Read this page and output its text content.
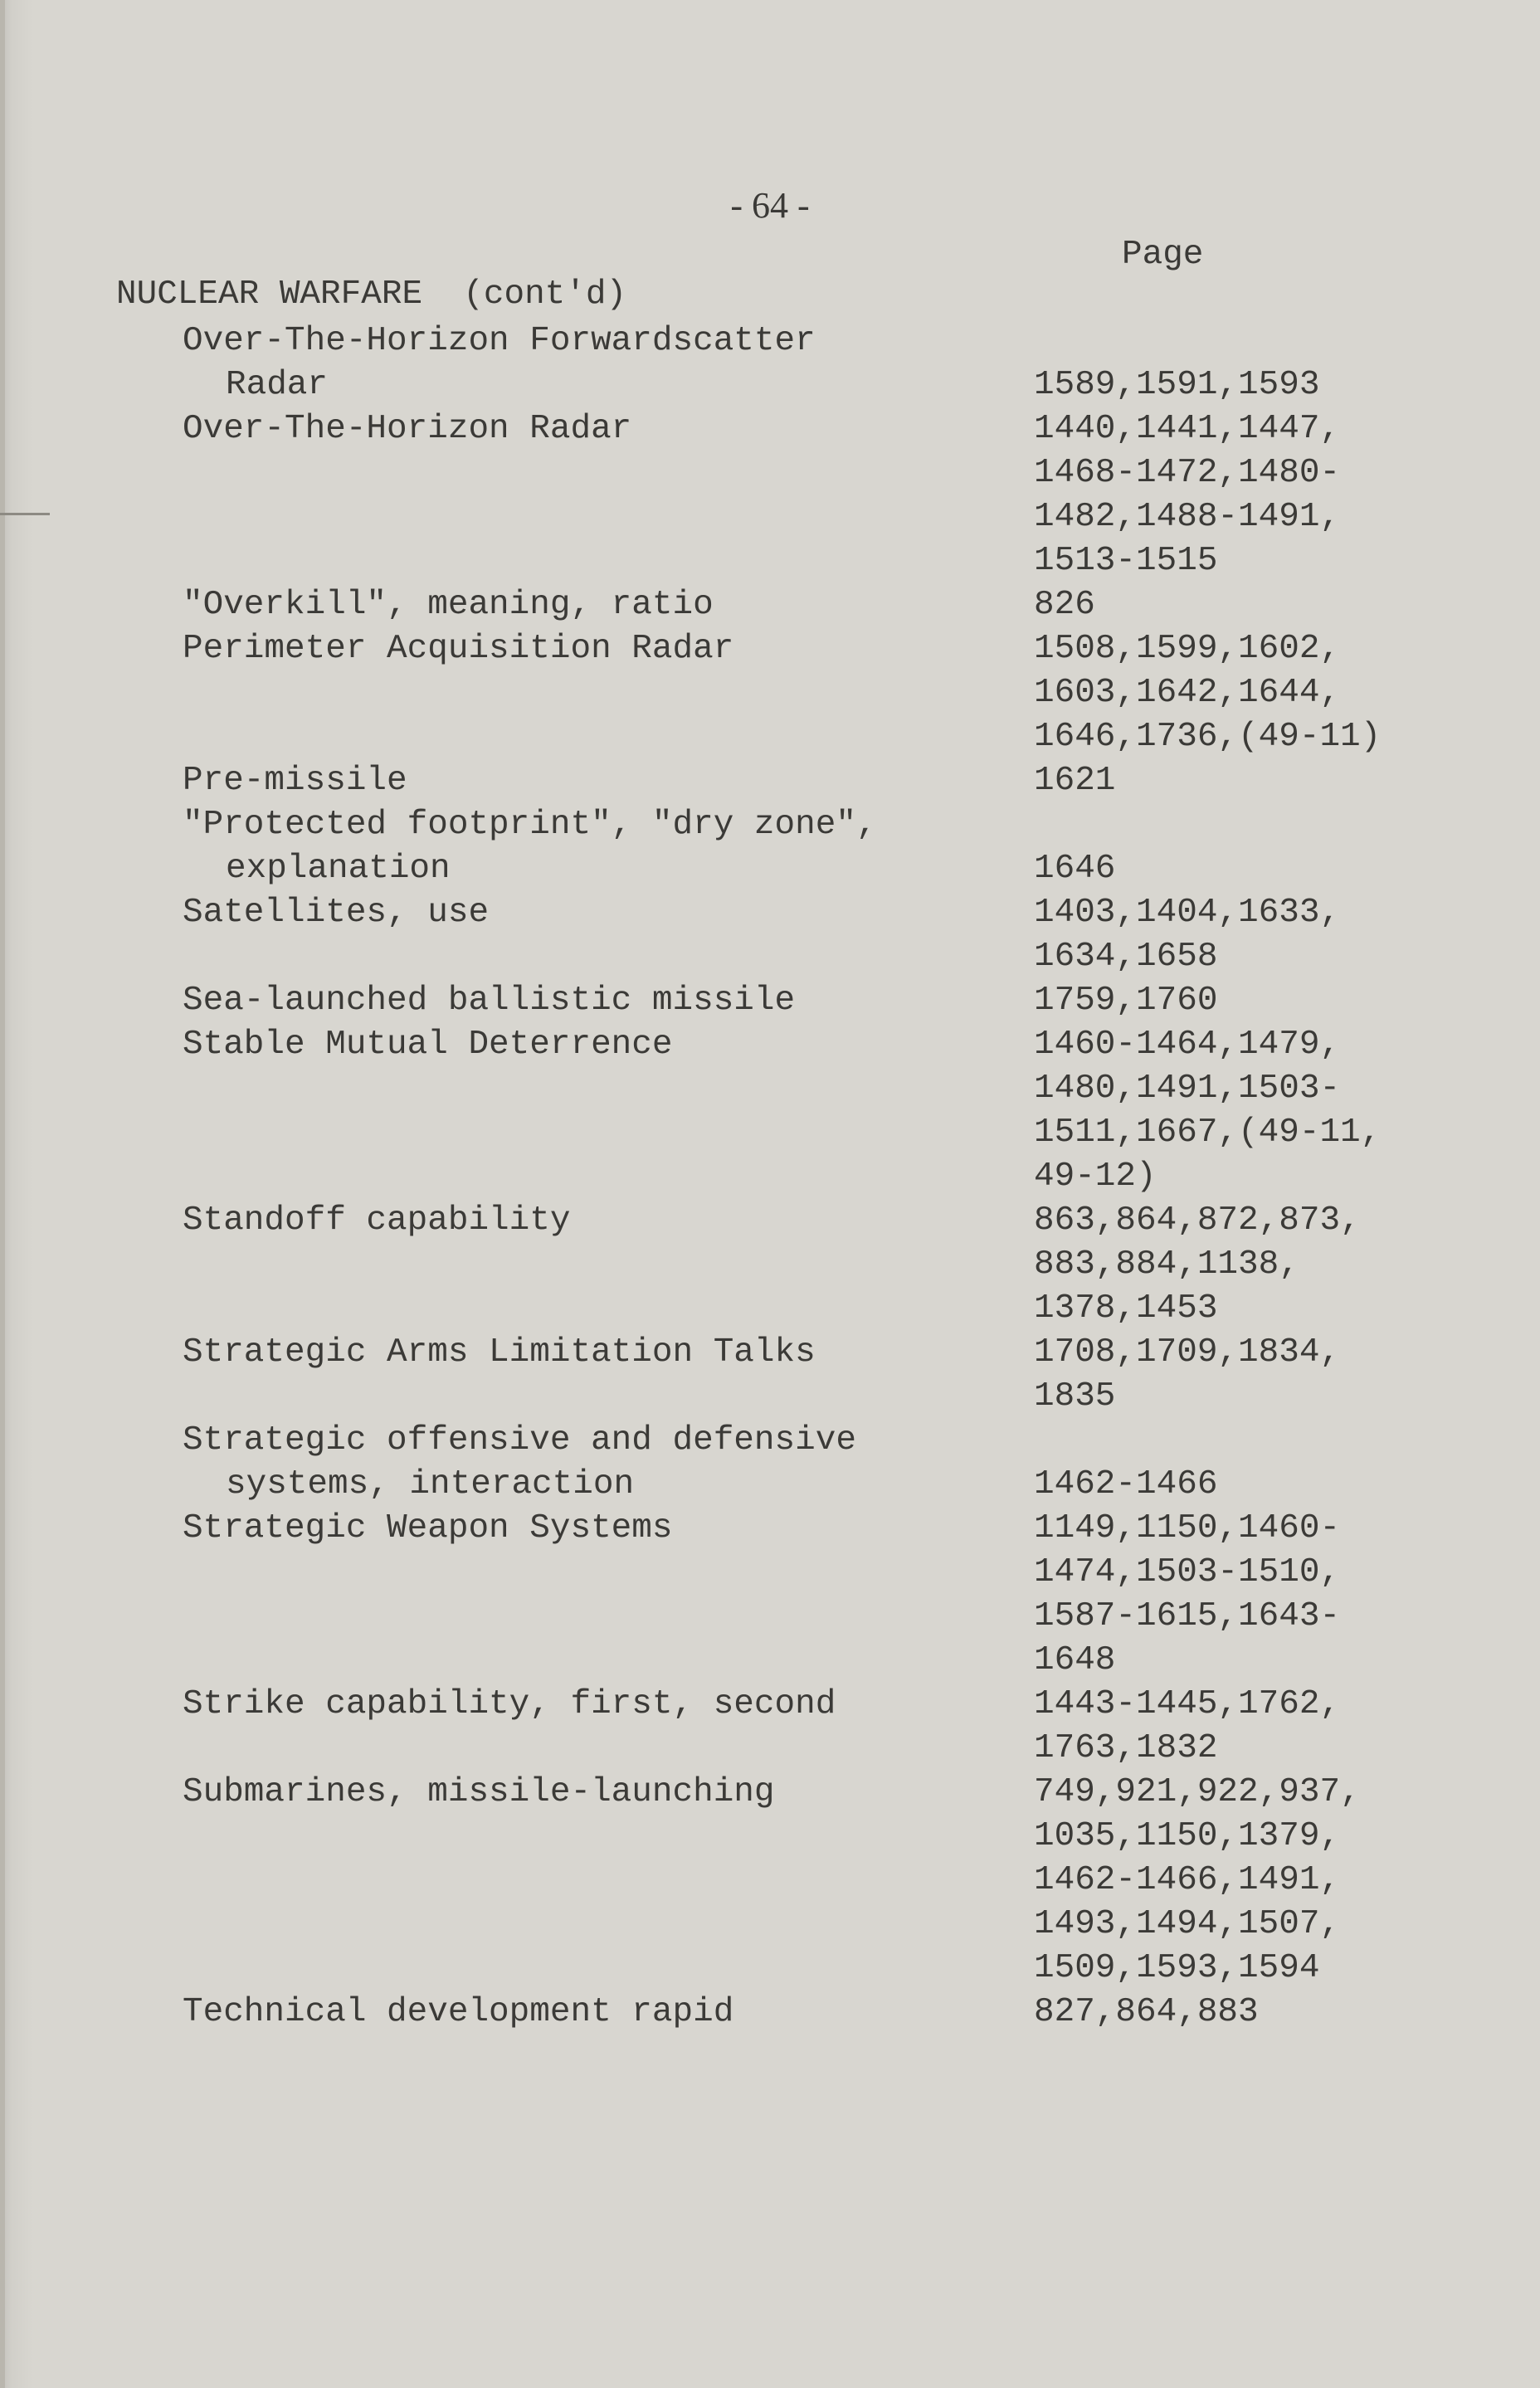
- 64 -
Page
NUCLEAR WARFARE  (cont'd)
Over-The-Horizon Forwardscatter
Radar	1589,1591,1593
Over-The-Horizon Radar	1440,1441,1447,
1468-1472,1480-
1482,1488-1491,
1513-1515
"Overkill", meaning, ratio	826
Perimeter Acquisition Radar	1508,1599,1602,
1603,1642,1644,
1646,1736,(49-11)
Pre-missile	1621
"Protected footprint", "dry zone",
explanation	1646
Satellites, use	1403,1404,1633,
1634,1658
Sea-launched ballistic missile	1759,1760
Stable Mutual Deterrence	1460-1464,1479,
1480,1491,1503-
1511,1667,(49-11,
49-12)
Standoff capability	863,864,872,873,
883,884,1138,
1378,1453
Strategic Arms Limitation Talks	1708,1709,1834,
1835
Strategic offensive and defensive
systems, interaction	1462-1466
Strategic Weapon Systems	1149,1150,1460-
1474,1503-1510,
1587-1615,1643-
1648
Strike capability, first, second	1443-1445,1762,
1763,1832
Submarines, missile-launching	749,921,922,937,
1035,1150,1379,
1462-1466,1491,
1493,1494,1507,
1509,1593,1594
Technical development rapid	827,864,883
